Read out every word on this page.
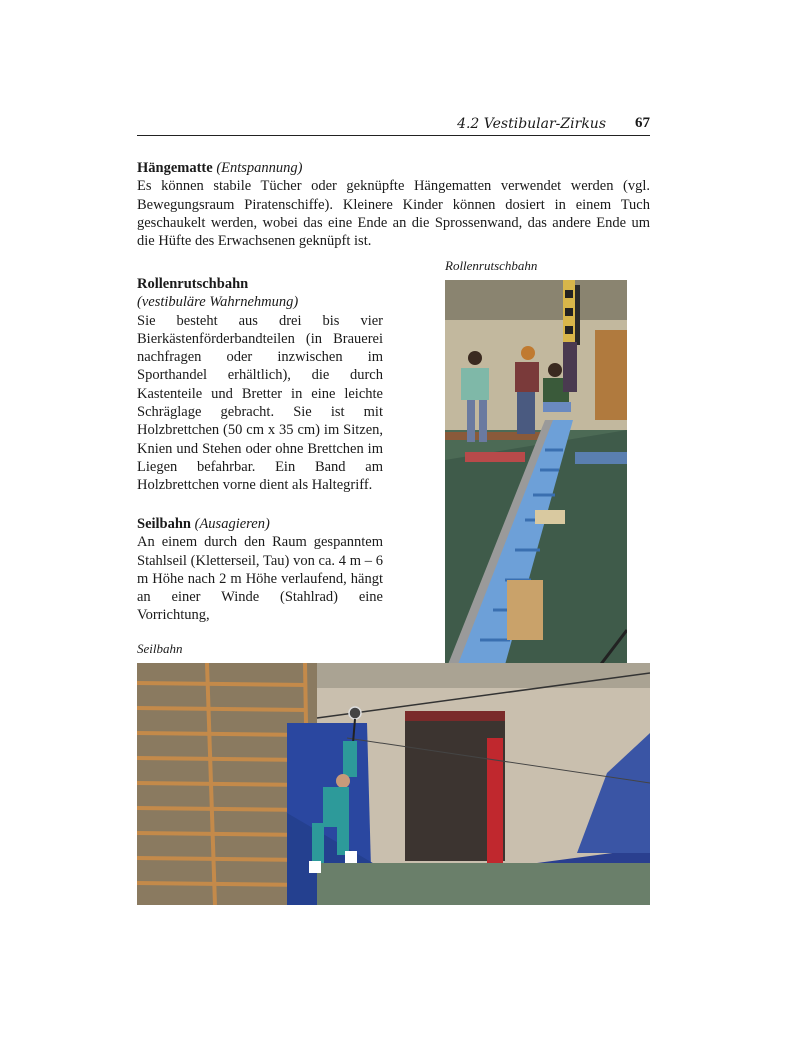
4.2 Vestibular-Zirkus 67
Hängematte (Entspannung)
Es können stabile Tücher oder geknüpfte Hängematten verwendet werden (vgl. Bewegungsraum Piratenschiffe). Kleinere Kinder können dosiert in einem Tuch geschaukelt werden, wobei das eine Ende an die Sprossenwand, das andere Ende um die Hüfte des Erwachsenen geknüpft ist.
Rollenrutschbahn
(vestibuläre Wahrnehmung)
Sie besteht aus drei bis vier Bierkästenförderbandteilen (in Brauerei nachfragen oder inzwischen im Sporthandel erhältlich), die durch Kastenteile und Bretter in eine leichte Schräglage gebracht. Sie ist mit Holzbrettchen (50 cm x 35 cm) im Sitzen, Knien und Stehen oder ohne Brettchen im Liegen befahrbar. Ein Band am Holzbrettchen vorne dient als Haltegriff.
Seilbahn (Ausagieren)
An einem durch den Raum gespanntem Stahlseil (Kletterseil, Tau) von ca. 4 m – 6 m Höhe nach 2 m Höhe verlaufend, hängt an einer Winde (Stahlrad) eine Vorrichtung,
Rollenrutschbahn
Seilbahn
